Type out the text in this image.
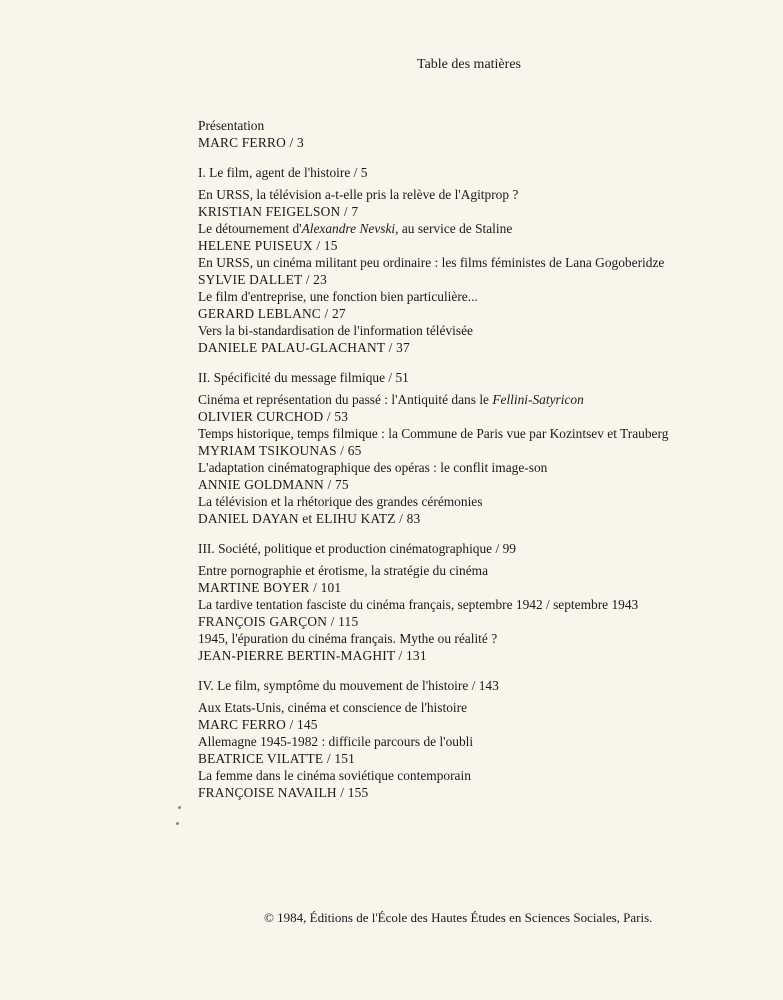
Table des matières
Présentation
MARC FERRO / 3
I. Le film, agent de l'histoire / 5
En URSS, la télévision a-t-elle pris la relève de l'Agitprop ?
KRISTIAN FEIGELSON / 7
Le détournement d'Alexandre Nevski, au service de Staline
HELENE PUISEUX / 15
En URSS, un cinéma militant peu ordinaire : les films féministes de Lana Gogoberidze
SYLVIE DALLET / 23
Le film d'entreprise, une fonction bien particulière...
GERARD LEBLANC / 27
Vers la bi-standardisation de l'information télévisée
DANIELE PALAU-GLACHANT / 37
II. Spécificité du message filmique / 51
Cinéma et représentation du passé : l'Antiquité dans le Fellini-Satyricon
OLIVIER CURCHOD / 53
Temps historique, temps filmique : la Commune de Paris vue par Kozintsev et Trauberg
MYRIAM TSIKOUNAS / 65
L'adaptation cinématographique des opéras : le conflit image-son
ANNIE GOLDMANN / 75
La télévision et la rhétorique des grandes cérémonies
DANIEL DAYAN et ELIHU KATZ / 83
III. Société, politique et production cinématographique / 99
Entre pornographie et érotisme, la stratégie du cinéma
MARTINE BOYER / 101
La tardive tentation fasciste du cinéma français, septembre 1942 / septembre 1943
FRANÇOIS GARÇON / 115
1945, l'épuration du cinéma français. Mythe ou réalité ?
JEAN-PIERRE BERTIN-MAGHIT / 131
IV. Le film, symptôme du mouvement de l'histoire / 143
Aux Etats-Unis, cinéma et conscience de l'histoire
MARC FERRO / 145
Allemagne 1945-1982 : difficile parcours de l'oubli
BEATRICE VILATTE / 151
La femme dans le cinéma soviétique contemporain
FRANÇOISE NAVAILH / 155
© 1984, Éditions de l'École des Hautes Études en Sciences Sociales, Paris.
